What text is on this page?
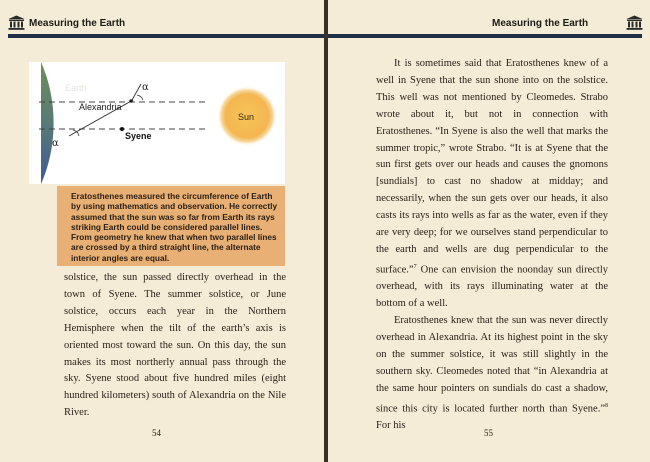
Measuring the Earth
Earth
Alexandria
Syene
Sun
α
α

Eratosthenes measured the circumference of Earth by using mathematics and observation. He correctly assumed that the sun was so far from Earth its rays striking Earth could be considered parallel lines. From geometry he knew that when two parallel lines are crossed by a third straight line, the alternate interior angles are equal.

solstice, the sun passed directly overhead in the town of Syene. The summer solstice, or June solstice, occurs each year in the Northern Hemisphere when the tilt of the earth’s axis is oriented most toward the sun. On this day, the sun makes its most northerly annual pass through the sky. Syene stood about five hundred miles (eight hundred kilometers) south of Alexandria on the Nile River.

54
Measuring the Earth

It is sometimes said that Eratosthenes knew of a well in Syene that the sun shone into on the solstice. This well was not mentioned by Cleomedes. Strabo wrote about it, but not in connection with Eratosthenes. “In Syene is also the well that marks the summer tropic,” wrote Strabo. “It is at Syene that the sun first gets over our heads and causes the gnomons [sundials] to cast no shadow at midday; and necessarily, when the sun gets over our heads, it also casts its rays into wells as far as the water, even if they are very deep; for we ourselves stand perpendicular to the earth and wells are dug perpendicular to the surface.”$^7$ One can envision the noonday sun directly overhead, with its rays illuminating water at the bottom of a well.

Eratosthenes knew that the sun was never directly overhead in Alexandria. At its highest point in the sky on the summer solstice, it was still slightly in the southern sky. Cleomedes noted that “in Alexandria at the same hour pointers on sundials do cast a shadow, since this city is located further north than Syene.”$^8$ For his

55
